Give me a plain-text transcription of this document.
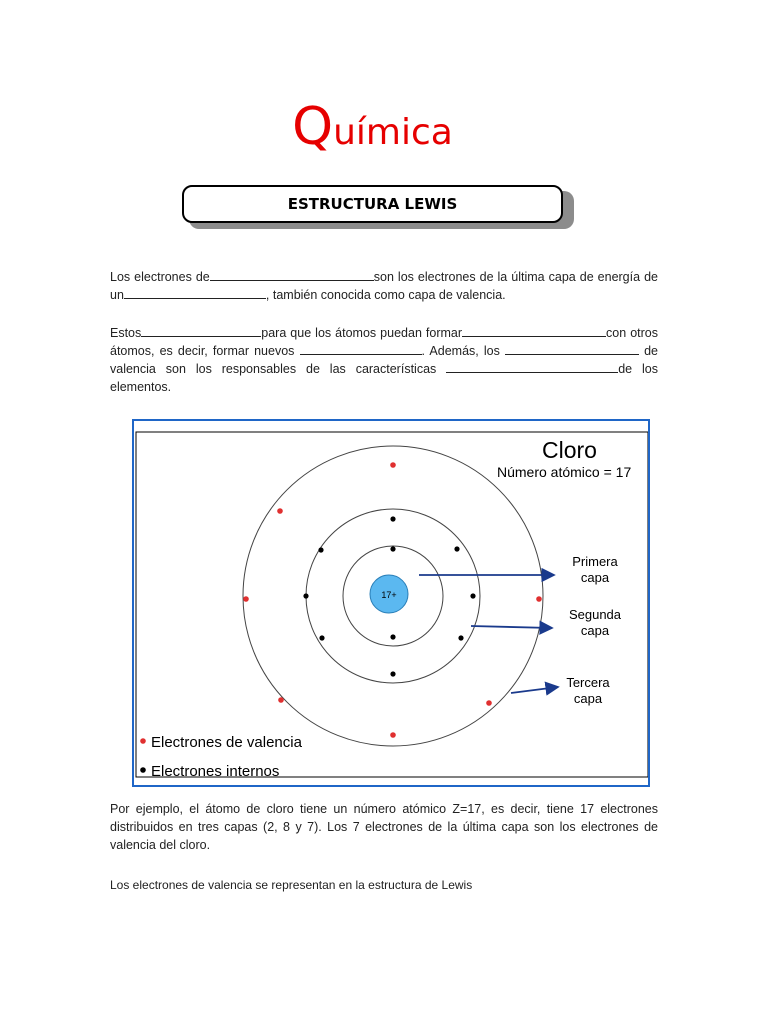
Química
ESTRUCTURA LEWIS
Los electrones de	son los electrones de la última capa de energía de un	, también conocida como capa de valencia.
Estos	para que los átomos puedan formar	con otros átomos, es decir, formar nuevos	. Además, los	de valencia son los responsables de las características	de los elementos.
Cloro
Número atómico = 17
17+
Primera
capa
Segunda
capa
Tercera
capa
Electrones de valencia
Electrones internos
Por ejemplo, el átomo de cloro tiene un número atómico Z=17, es decir, tiene 17 electrones distribuidos en tres capas (2, 8 y 7). Los 7 electrones de la última capa son los electrones de valencia del cloro.
Los electrones de valencia se representan en la estructura de Lewis
